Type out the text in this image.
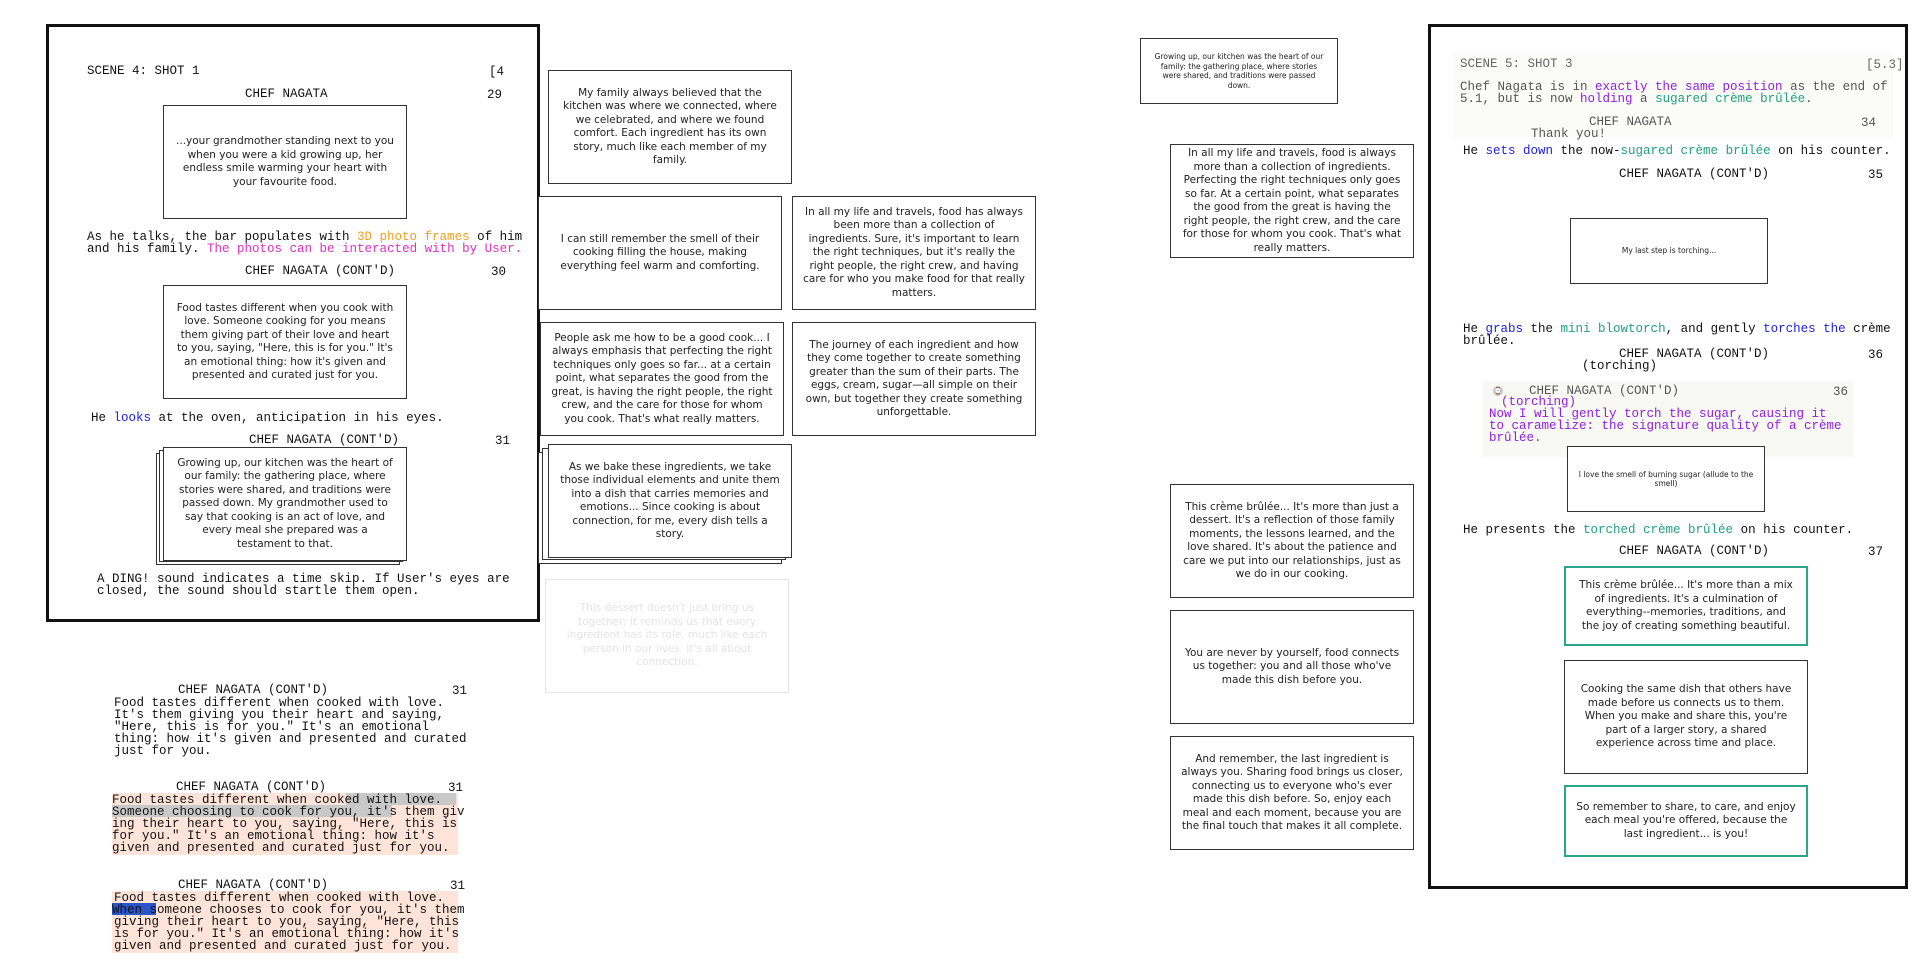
SCENE 4: SHOT 1	[4
CHEF NAGATA	29
...your grandmother standing next to you when you were a kid growing up, her endless smile warming your heart with your favourite food.
As he talks, the bar populates with 3D photo frames of him
and his family. The photos can be interacted with by User.
CHEF NAGATA (CONT'D)	30
Food tastes different when you cook with love. Someone cooking for you means them giving part of their love and heart to you, saying, "Here, this is for you." It's an emotional thing: how it's given and presented and curated just for you.
He looks at the oven, anticipation in his eyes.
CHEF NAGATA (CONT'D)	31
Growing up, our kitchen was the heart of our family: the gathering place, where stories were shared, and traditions were passed down. My grandmother used to say that cooking is an act of love, and every meal she prepared was a testament to that.
A DING! sound indicates a time skip. If User's eyes are
closed, the sound should startle them open.
CHEF NAGATA (CONT'D)	31
Food tastes different when cooked with love.
It's them giving you their heart and saying,
"Here, this is for you." It's an emotional
thing: how it's given and presented and curated
just for you.
CHEF NAGATA (CONT'D)	31
Food tastes different when cooked with love.
Someone choosing to cook for you, it's them giv
ing their heart to you, saying, "Here, this is
for you." It's an emotional thing: how it's
given and presented and curated just for you.
CHEF NAGATA (CONT'D)	31
Food tastes different when cooked with love.
When someone chooses to cook for you, it's them
giving their heart to you, saying, "Here, this
is for you." It's an emotional thing: how it's
given and presented and curated just for you.
My family always believed that the kitchen was where we connected, where we celebrated, and where we found comfort. Each ingredient has its own story, much like each member of my family.
I can still remember the smell of their cooking filling the house, making everything feel warm and comforting.
In all my life and travels, food has always been more than a collection of ingredients. Sure, it's important to learn the right techniques, but it's really the right people, the right crew, and having care for who you make food for that really matters.
People ask me how to be a good cook... I always emphasis that perfecting the right techniques only goes so far... at a certain point, what separates the good from the great, is having the right people, the right crew, and the care for those for whom you cook. That's what really matters.
The journey of each ingredient and how they come together to create something greater than the sum of their parts. The eggs, cream, sugar—all simple on their own, but together they create something unforgettable.
As we bake these ingredients, we take those individual elements and unite them into a dish that carries memories and emotions... Since cooking is about connection, for me, every dish tells a story.
This dessert doesn't just bring us together; it reminds us that every ingredient has its role, much like each person in our lives. It's all about connection.
Growing up, our kitchen was the heart of our family: the gathering place, where stories were shared, and traditions were passed down.
In all my life and travels, food is always more than a collection of ingredients. Perfecting the right techniques only goes so far. At a certain point, what separates the good from the great is having the right people, the right crew, and the care for those for whom you cook. That's what really matters.
This crème brûlée... It's more than just a dessert. It's a reflection of those family moments, the lessons learned, and the love shared. It's about the patience and care we put into our relationships, just as we do in our cooking.
You are never by yourself, food connects us together: you and all those who've made this dish before you.
And remember, the last ingredient is always you. Sharing food brings us closer, connecting us to everyone who's ever made this dish before. So, enjoy each meal and each moment, because you are the final touch that makes it all complete.
SCENE 5: SHOT 3	[5.3]
Chef Nagata is in exactly the same position as the end of
5.1, but is now holding a sugared crème brûlée.
CHEF NAGATA	34
Thank you!
He sets down the now-sugared crème brûlée on his counter.
CHEF NAGATA (CONT'D)	35
My last step is torching...
He grabs the mini blowtorch, and gently torches the crème
brûlée.
CHEF NAGATA (CONT'D)	36
(torching)
⌚ CHEF NAGATA (CONT'D)	36
(torching)
Now I will gently torch the sugar, causing it
to caramelize: the signature quality of a crème
brûlée.
I love the smell of burning sugar (allude to the smell)
He presents the torched crème brûlée on his counter.
CHEF NAGATA (CONT'D)	37
This crème brûlée... It's more than a mix of ingredients. It's a culmination of everything--memories, traditions, and the joy of creating something beautiful.
Cooking the same dish that others have made before us connects us to them. When you make and share this, you're part of a larger story, a shared experience across time and place.
So remember to share, to care, and enjoy each meal you're offered, because the last ingredient... is you!
